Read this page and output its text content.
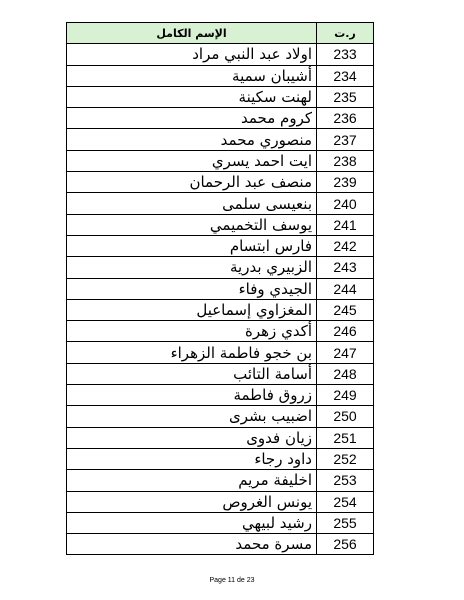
الإسم الكامل	ر.ت
اولاد عبد النبي مراد	233
أشيبان سمية	234
لهنت سكينة	235
كروم محمد	236
منصوري محمد	237
ايت احمد يسري	238
منصف عبد الرحمان	239
بنعيسى سلمى	240
يوسف التخميمي	241
فارس ابتسام	242
الزبيري بدرية	243
الجيدي وفاء	244
المغزاوي إسماعيل	245
أكدي زهرة	246
بن خجو فاطمة الزهراء	247
أسامة التائب	248
زروق فاطمة	249
اضبيب بشرى	250
زيان فدوى	251
داود رجاء	252
اخليفة مريم	253
يونس الغروص	254
رشيد لبيهي	255
مسرة محمد	256
Page 11 de 23
